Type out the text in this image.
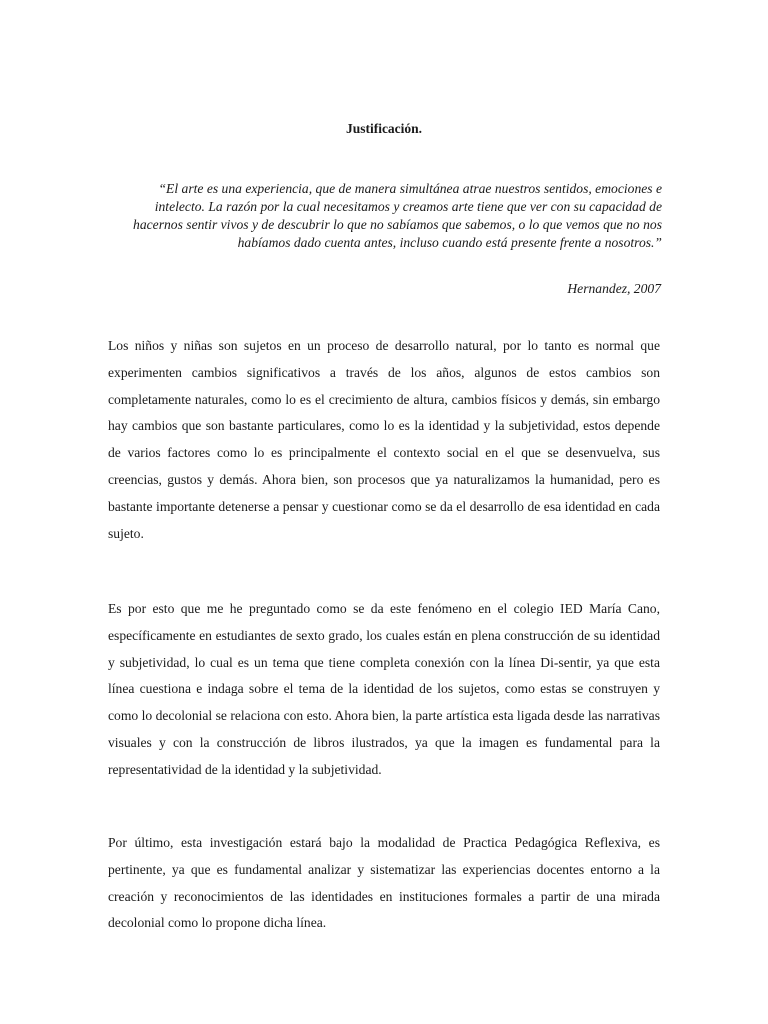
Justificación.

“El arte es una experiencia, que de manera simultánea atrae nuestros sentidos, emociones e intelecto. La razón por la cual necesitamos y creamos arte tiene que ver con su capacidad de hacernos sentir vivos y de descubrir lo que no sabíamos que sabemos, o lo que vemos que no nos habíamos dado cuenta antes, incluso cuando está presente frente a nosotros.”

Hernandez, 2007

Los niños y niñas son sujetos en un proceso de desarrollo natural, por lo tanto es normal que experimenten cambios significativos a través de los años, algunos de estos cambios son completamente naturales, como lo es el crecimiento de altura, cambios físicos y demás, sin embargo hay cambios que son bastante particulares, como lo es la identidad y la subjetividad, estos depende de varios factores como lo es principalmente el contexto social en el que se desenvuelva, sus creencias, gustos y demás. Ahora bien, son procesos que ya naturalizamos la humanidad, pero es bastante importante detenerse a pensar y cuestionar como se da el desarrollo de esa identidad en cada sujeto.

Es por esto que me he preguntado como se da este fenómeno en el colegio IED María Cano, específicamente en estudiantes de sexto grado, los cuales están en plena construcción de su identidad y subjetividad, lo cual es un tema que tiene completa conexión con la línea Di-sentir, ya que esta línea cuestiona e indaga sobre el tema de la identidad de los sujetos, como estas se construyen y como lo decolonial se relaciona con esto. Ahora bien, la parte artística esta ligada desde las narrativas visuales y con la construcción de libros ilustrados, ya que la imagen es fundamental para la representatividad de la identidad y la subjetividad.

Por último, esta investigación estará bajo la modalidad de Practica Pedagógica Reflexiva, es pertinente, ya que es fundamental analizar y sistematizar las experiencias docentes entorno a la creación y reconocimientos de las identidades en instituciones formales a partir de una mirada decolonial como lo propone dicha línea.
